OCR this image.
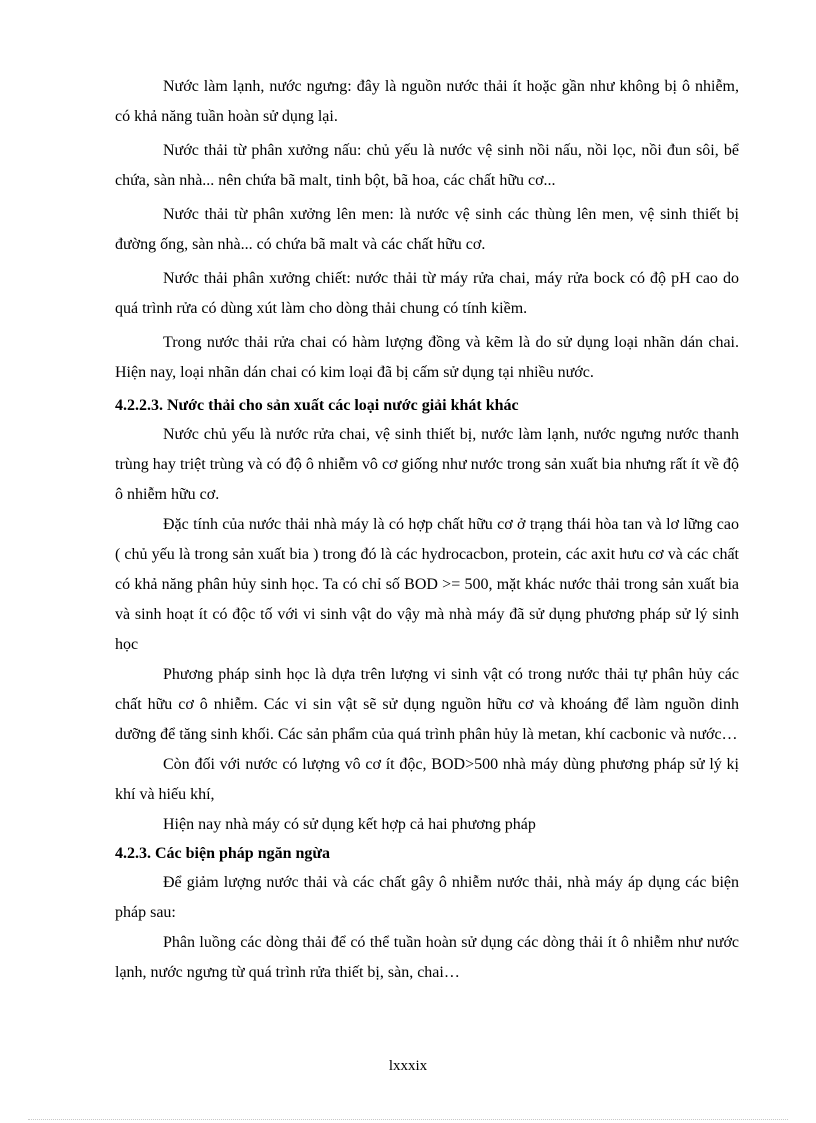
Nước làm lạnh, nước ngưng: đây là nguồn nước thải ít hoặc gần như không bị ô nhiễm, có khả năng tuần hoàn sử dụng lại.

Nước thải từ phân xưởng nấu: chủ yếu là nước vệ sinh nồi nấu, nồi lọc, nồi đun sôi, bể chứa, sàn nhà... nên chứa bã malt, tinh bột, bã hoa, các chất hữu cơ...

Nước thải từ phân xưởng lên men: là nước vệ sinh các thùng lên men, vệ sinh thiết bị đường ống, sàn nhà... có chứa bã malt và các chất hữu cơ.

Nước thải phân xưởng chiết: nước thải từ máy rửa chai, máy rửa bock có độ pH cao do quá trình rửa có dùng xút làm cho dòng thải chung có tính kiềm.

Trong nước thải rửa chai có hàm lượng đồng và kẽm là do sử dụng loại nhãn dán chai. Hiện nay, loại nhãn dán chai có kim loại đã bị cấm sử dụng tại nhiều nước.

4.2.2.3. Nước thải cho sản xuất các loại nước giải khát khác

Nước chủ yếu là nước rửa chai, vệ sinh thiết bị, nước làm lạnh, nước ngưng nước thanh trùng hay triệt trùng và có độ ô nhiễm vô cơ giống như nước trong sản xuất bia nhưng rất ít về độ ô nhiễm hữu cơ.

Đặc tính của nước thải nhà máy là có hợp chất hữu cơ ở trạng thái hòa tan và lơ lững cao ( chủ yếu là trong sản xuất bia ) trong đó là các hydrocacbon, protein, các axit hưu cơ và các chất có khả năng phân hủy sinh học. Ta có chỉ số BOD >= 500, mặt khác nước thải trong sản xuất bia và sinh hoạt ít có độc tố với vi sinh vật do vậy mà nhà máy đã sử dụng phương pháp sử lý sinh học

Phương pháp sinh học là dựa trên lượng vi sinh vật có trong nước thải tự phân hủy các chất hữu cơ ô nhiễm. Các vi sin vật sẽ sử dụng nguồn hữu cơ và khoáng để làm nguồn dinh dưỡng để tăng sinh khối. Các sản phẩm của quá trình phân hủy là metan, khí cacbonic và nước…

Còn đối với nước có lượng vô cơ ít độc, BOD>500 nhà máy dùng phương pháp sử lý kị khí và hiếu khí,

Hiện nay nhà máy có sử dụng kết hợp cả hai phương pháp

4.2.3. Các biện pháp ngăn ngừa

Để giảm lượng nước thải và các chất gây ô nhiễm nước thải, nhà máy áp dụng các biện pháp sau:

Phân luồng các dòng thải để có thể tuần hoàn sử dụng các dòng thải ít ô nhiễm như nước lạnh, nước ngưng từ quá trình rửa thiết bị, sàn, chai…

lxxxix
